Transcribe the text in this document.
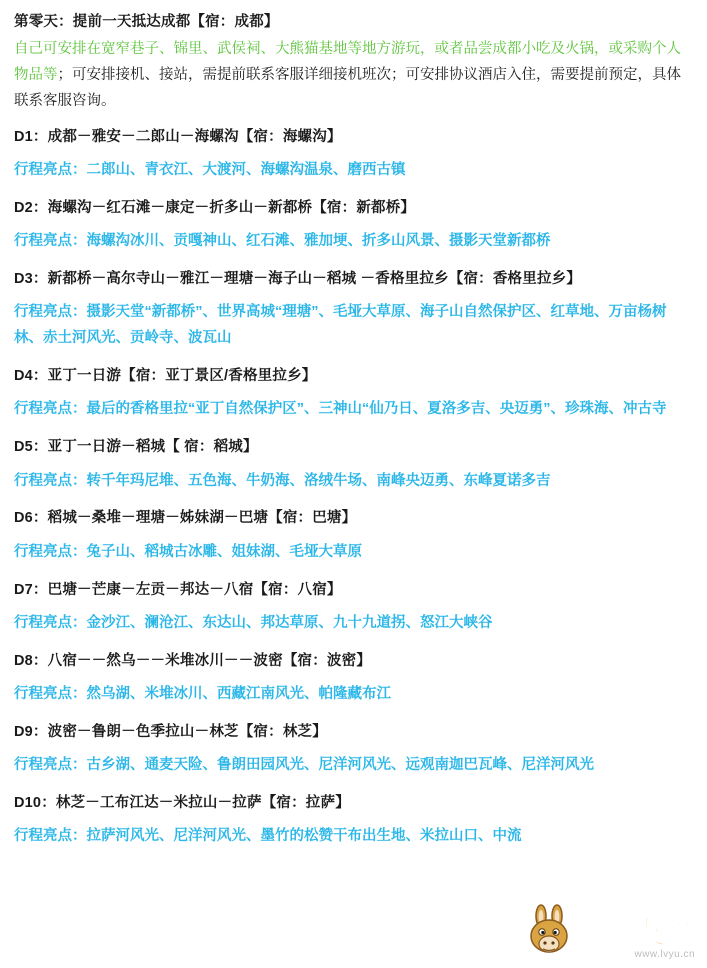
第零天：提前一天抵达成都【宿：成都】

自己可安排在宽窄巷子、锦里、武侯祠、大熊猫基地等地方游玩，或者品尝成都小吃及火锅，或采购个人物品等；可安排接机、接站，需提前联系客服详细接机班次；可安排协议酒店入住，需要提前预定，具体联系客服咨询。

D1：成都－雅安－二郎山－海螺沟【宿：海螺沟】

行程亮点：二郎山、青衣江、大渡河、海螺沟温泉、磨西古镇

D2：海螺沟－红石滩－康定－折多山－新都桥【宿：新都桥】

行程亮点：海螺沟冰川、贡嘎神山、红石滩、雅加埂、折多山风景、摄影天堂新都桥

D3：新都桥－高尔寺山－雅江－理塘－海子山－稻城 －香格里拉乡【宿：香格里拉乡】

行程亮点：摄影天堂“新都桥”、世界高城“理塘”、毛垭大草原、海子山自然保护区、红草地、万亩杨树林、赤土河风光、贡岭寺、波瓦山

D4：亚丁一日游【宿：亚丁景区/香格里拉乡】

行程亮点：最后的香格里拉“亚丁自然保护区”、三神山“仙乃日、夏洛多吉、央迈勇”、珍珠海、冲古寺

D5：亚丁一日游－稻城【 宿：稻城】

行程亮点：转千年玛尼堆、五色海、牛奶海、洛绒牛场、南峰央迈勇、东峰夏诺多吉

D6：稻城－桑堆－理塘－姊妹湖－巴塘【宿：巴塘】

行程亮点：兔子山、稻城古冰雕、姐妹湖、毛垭大草原

D7：巴塘－芒康－左贡－邦达－八宿【宿：八宿】

行程亮点：金沙江、澜沧江、东达山、邦达草原、九十九道拐、怒江大峡谷

D8：八宿－－然乌－－米堆冰川－－波密【宿：波密】

行程亮点：然乌湖、米堆冰川、西藏江南风光、帕隆藏布江

D9：波密－鲁朗－色季拉山－林芝【宿：林芝】

行程亮点：古乡湖、通麦天险、鲁朗田园风光、尼洋河风光、远观南迦巴瓦峰、尼洋河风光

D10：林芝－工布江达－米拉山－拉萨【宿：拉萨】

行程亮点：拉萨河风光、尼洋河风光、墨竹的松赞干布出生地、米拉山口、中流

驴友网
www.lvyu.cn
